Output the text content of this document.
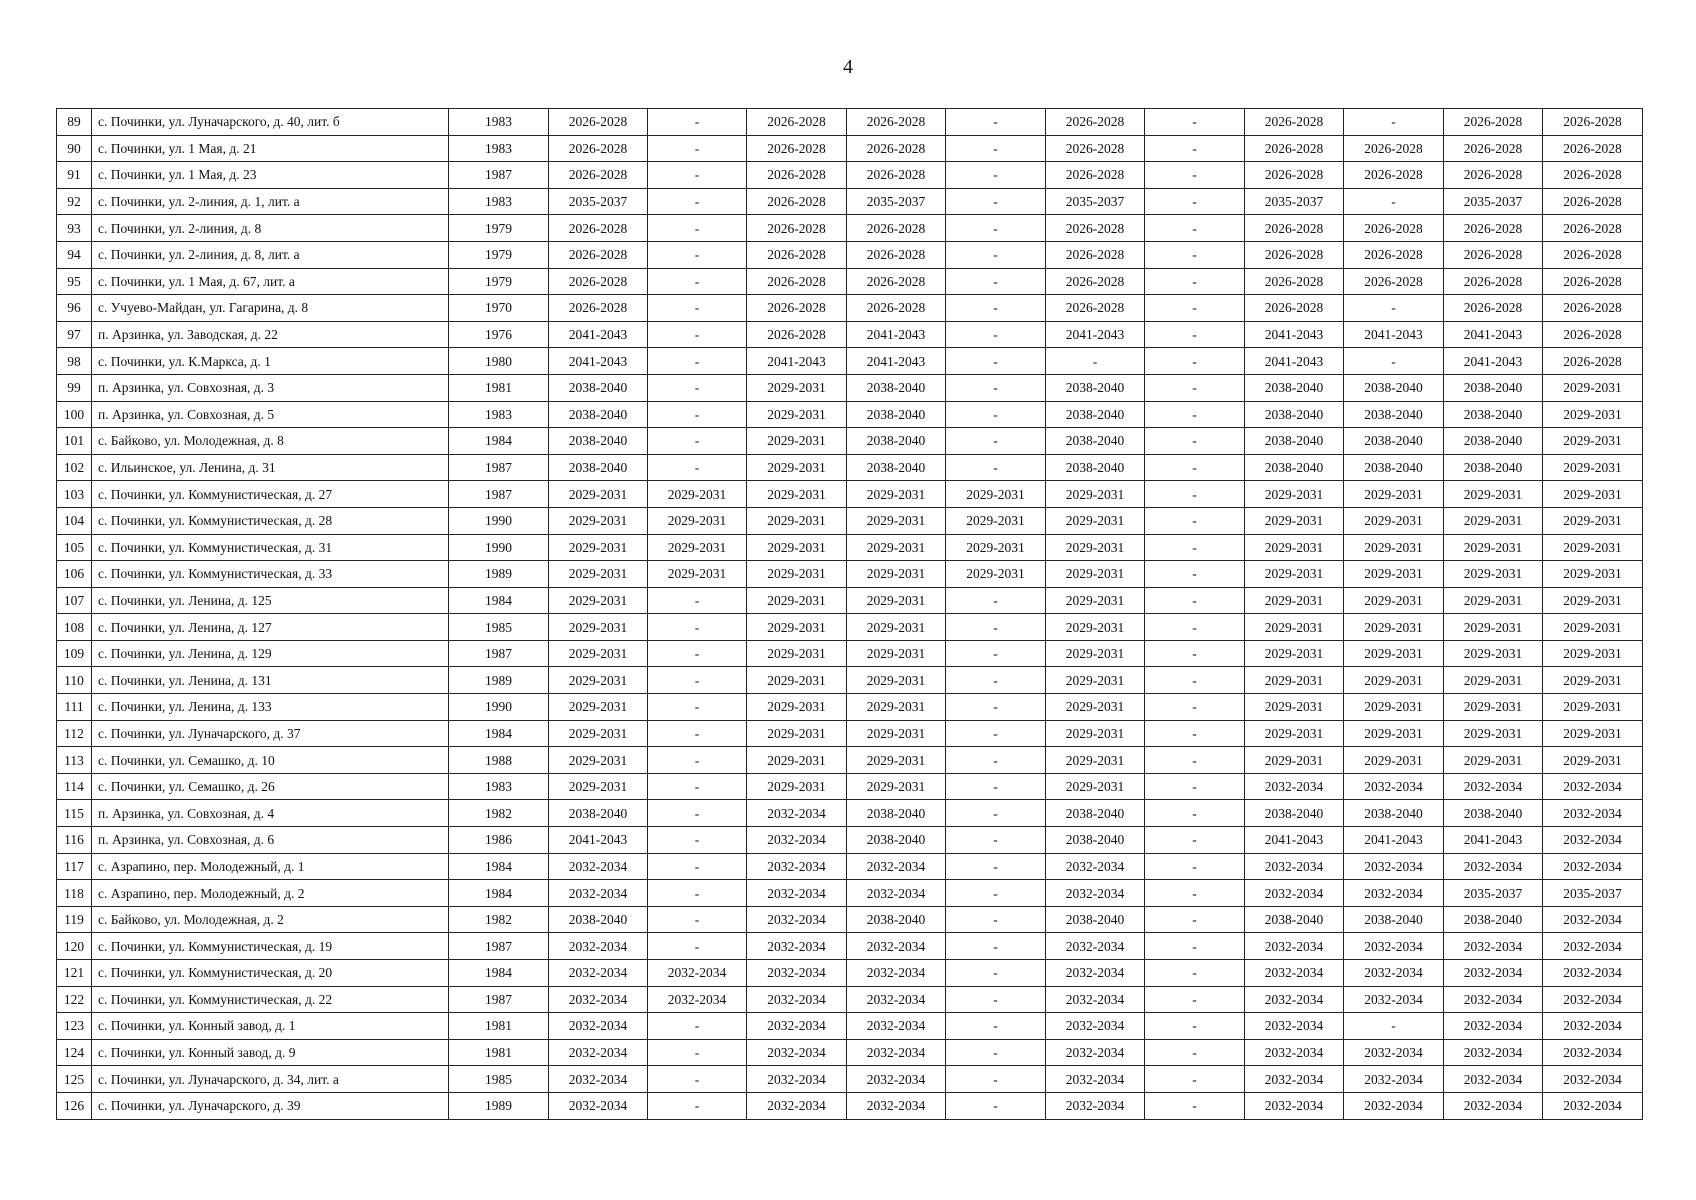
4
89	с. Починки, ул. Луначарского, д. 40, лит. б	1983	2026-2028	-	2026-2028	2026-2028	-	2026-2028	-	2026-2028	-	2026-2028	2026-2028
90	с. Починки, ул. 1 Мая, д. 21	1983	2026-2028	-	2026-2028	2026-2028	-	2026-2028	-	2026-2028	2026-2028	2026-2028	2026-2028
91	с. Починки, ул. 1 Мая, д. 23	1987	2026-2028	-	2026-2028	2026-2028	-	2026-2028	-	2026-2028	2026-2028	2026-2028	2026-2028
92	с. Починки, ул. 2-линия, д. 1, лит. а	1983	2035-2037	-	2026-2028	2035-2037	-	2035-2037	-	2035-2037	-	2035-2037	2026-2028
93	с. Починки, ул. 2-линия, д. 8	1979	2026-2028	-	2026-2028	2026-2028	-	2026-2028	-	2026-2028	2026-2028	2026-2028	2026-2028
94	с. Починки, ул. 2-линия, д. 8, лит. а	1979	2026-2028	-	2026-2028	2026-2028	-	2026-2028	-	2026-2028	2026-2028	2026-2028	2026-2028
95	с. Починки, ул. 1 Мая, д. 67, лит. а	1979	2026-2028	-	2026-2028	2026-2028	-	2026-2028	-	2026-2028	2026-2028	2026-2028	2026-2028
96	с. Учуево-Майдан, ул. Гагарина, д. 8	1970	2026-2028	-	2026-2028	2026-2028	-	2026-2028	-	2026-2028	-	2026-2028	2026-2028
97	п. Арзинка, ул. Заводская, д. 22	1976	2041-2043	-	2026-2028	2041-2043	-	2041-2043	-	2041-2043	2041-2043	2041-2043	2026-2028
98	с. Починки, ул. К.Маркса, д. 1	1980	2041-2043	-	2041-2043	2041-2043	-	-	-	2041-2043	-	2041-2043	2026-2028
99	п. Арзинка, ул. Совхозная, д. 3	1981	2038-2040	-	2029-2031	2038-2040	-	2038-2040	-	2038-2040	2038-2040	2038-2040	2029-2031
100	п. Арзинка, ул. Совхозная, д. 5	1983	2038-2040	-	2029-2031	2038-2040	-	2038-2040	-	2038-2040	2038-2040	2038-2040	2029-2031
101	с. Байково, ул. Молодежная, д. 8	1984	2038-2040	-	2029-2031	2038-2040	-	2038-2040	-	2038-2040	2038-2040	2038-2040	2029-2031
102	с. Ильинское, ул. Ленина, д. 31	1987	2038-2040	-	2029-2031	2038-2040	-	2038-2040	-	2038-2040	2038-2040	2038-2040	2029-2031
103	с. Починки, ул. Коммунистическая, д. 27	1987	2029-2031	2029-2031	2029-2031	2029-2031	2029-2031	2029-2031	-	2029-2031	2029-2031	2029-2031	2029-2031
104	с. Починки, ул. Коммунистическая, д. 28	1990	2029-2031	2029-2031	2029-2031	2029-2031	2029-2031	2029-2031	-	2029-2031	2029-2031	2029-2031	2029-2031
105	с. Починки, ул. Коммунистическая, д. 31	1990	2029-2031	2029-2031	2029-2031	2029-2031	2029-2031	2029-2031	-	2029-2031	2029-2031	2029-2031	2029-2031
106	с. Починки, ул. Коммунистическая, д. 33	1989	2029-2031	2029-2031	2029-2031	2029-2031	2029-2031	2029-2031	-	2029-2031	2029-2031	2029-2031	2029-2031
107	с. Починки, ул. Ленина, д. 125	1984	2029-2031	-	2029-2031	2029-2031	-	2029-2031	-	2029-2031	2029-2031	2029-2031	2029-2031
108	с. Починки, ул. Ленина, д. 127	1985	2029-2031	-	2029-2031	2029-2031	-	2029-2031	-	2029-2031	2029-2031	2029-2031	2029-2031
109	с. Починки, ул. Ленина, д. 129	1987	2029-2031	-	2029-2031	2029-2031	-	2029-2031	-	2029-2031	2029-2031	2029-2031	2029-2031
110	с. Починки, ул. Ленина, д. 131	1989	2029-2031	-	2029-2031	2029-2031	-	2029-2031	-	2029-2031	2029-2031	2029-2031	2029-2031
111	с. Починки, ул. Ленина, д. 133	1990	2029-2031	-	2029-2031	2029-2031	-	2029-2031	-	2029-2031	2029-2031	2029-2031	2029-2031
112	с. Починки, ул. Луначарского, д. 37	1984	2029-2031	-	2029-2031	2029-2031	-	2029-2031	-	2029-2031	2029-2031	2029-2031	2029-2031
113	с. Починки, ул. Семашко, д. 10	1988	2029-2031	-	2029-2031	2029-2031	-	2029-2031	-	2029-2031	2029-2031	2029-2031	2029-2031
114	с. Починки, ул. Семашко, д. 26	1983	2029-2031	-	2029-2031	2029-2031	-	2029-2031	-	2032-2034	2032-2034	2032-2034	2032-2034
115	п. Арзинка, ул. Совхозная, д. 4	1982	2038-2040	-	2032-2034	2038-2040	-	2038-2040	-	2038-2040	2038-2040	2038-2040	2032-2034
116	п. Арзинка, ул. Совхозная, д. 6	1986	2041-2043	-	2032-2034	2038-2040	-	2038-2040	-	2041-2043	2041-2043	2041-2043	2032-2034
117	с. Азрапино, пер. Молодежный, д. 1	1984	2032-2034	-	2032-2034	2032-2034	-	2032-2034	-	2032-2034	2032-2034	2032-2034	2032-2034
118	с. Азрапино, пер. Молодежный, д. 2	1984	2032-2034	-	2032-2034	2032-2034	-	2032-2034	-	2032-2034	2032-2034	2035-2037	2035-2037
119	с. Байково, ул. Молодежная, д. 2	1982	2038-2040	-	2032-2034	2038-2040	-	2038-2040	-	2038-2040	2038-2040	2038-2040	2032-2034
120	с. Починки, ул. Коммунистическая, д. 19	1987	2032-2034	-	2032-2034	2032-2034	-	2032-2034	-	2032-2034	2032-2034	2032-2034	2032-2034
121	с. Починки, ул. Коммунистическая, д. 20	1984	2032-2034	2032-2034	2032-2034	2032-2034	-	2032-2034	-	2032-2034	2032-2034	2032-2034	2032-2034
122	с. Починки, ул. Коммунистическая, д. 22	1987	2032-2034	2032-2034	2032-2034	2032-2034	-	2032-2034	-	2032-2034	2032-2034	2032-2034	2032-2034
123	с. Починки, ул. Конный завод, д. 1	1981	2032-2034	-	2032-2034	2032-2034	-	2032-2034	-	2032-2034	-	2032-2034	2032-2034
124	с. Починки, ул. Конный завод, д. 9	1981	2032-2034	-	2032-2034	2032-2034	-	2032-2034	-	2032-2034	2032-2034	2032-2034	2032-2034
125	с. Починки, ул. Луначарского, д. 34, лит. а	1985	2032-2034	-	2032-2034	2032-2034	-	2032-2034	-	2032-2034	2032-2034	2032-2034	2032-2034
126	с. Починки, ул. Луначарского, д. 39	1989	2032-2034	-	2032-2034	2032-2034	-	2032-2034	-	2032-2034	2032-2034	2032-2034	2032-2034
